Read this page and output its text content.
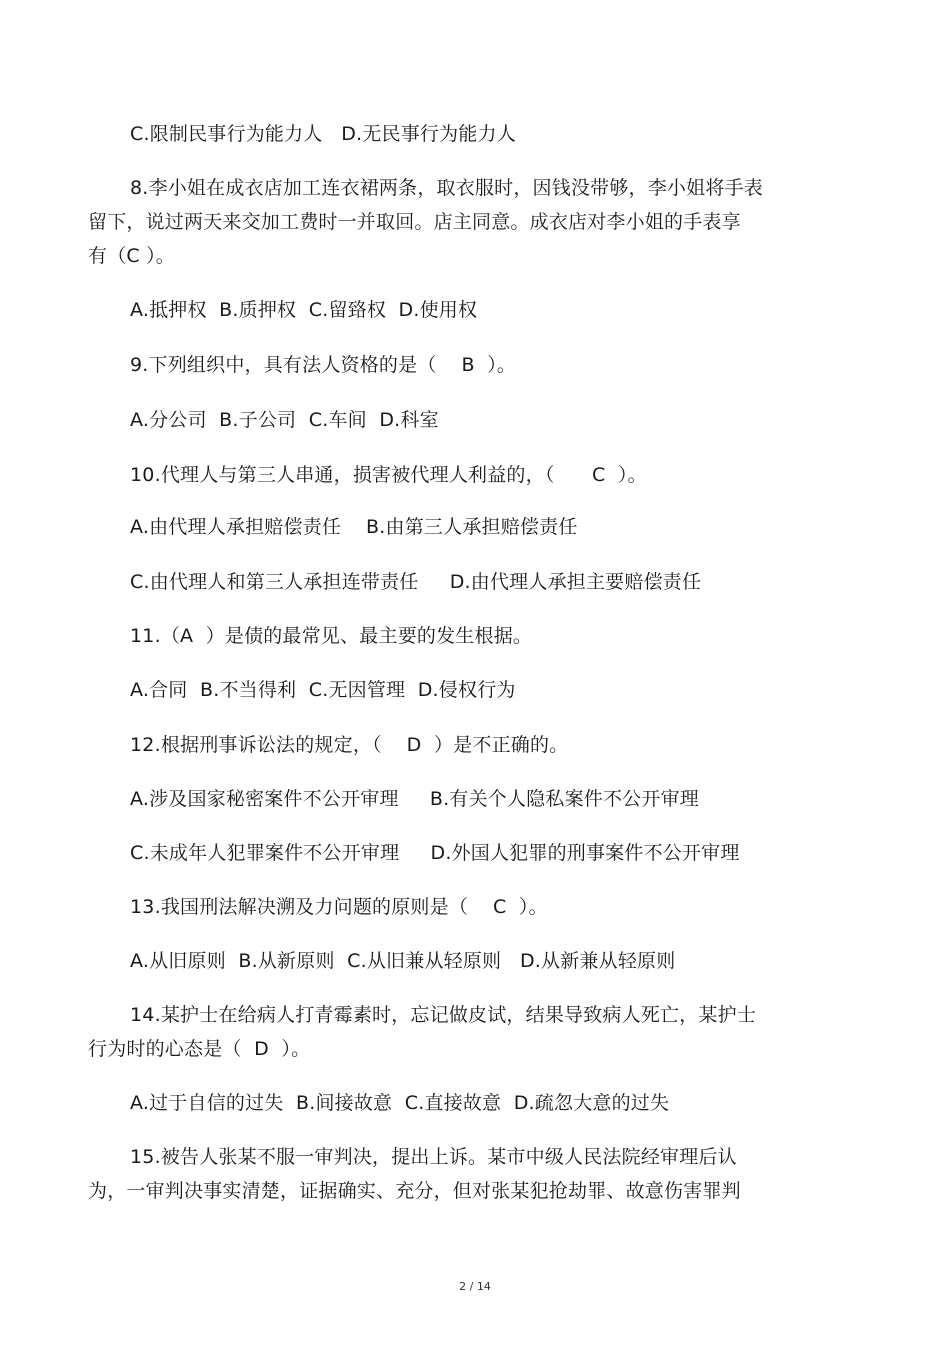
C.限制民事行为能力人   D.无民事行为能力人
8.李小姐在成衣店加工连衣裙两条，取衣服时，因钱没带够，李小姐将手表
留下，说过两天来交加工费时一并取回。店主同意。成衣店对李小姐的手表享
有（C ）。
A.抵押权  B.质押权  C.留臵权  D.使用权
9.下列组织中，具有法人资格的是（    B  ）。
A.分公司  B.子公司  C.车间  D.科室
10.代理人与第三人串通，损害被代理人利益的，（      C  ）。
A.由代理人承担赔偿责任    B.由第三人承担赔偿责任
C.由代理人和第三人承担连带责任     D.由代理人承担主要赔偿责任
11.（A  ）是债的最常见、最主要的发生根据。
A.合同  B.不当得利  C.无因管理  D.侵权行为
12.根据刑事诉讼法的规定，（    D  ）是不正确的。
A.涉及国家秘密案件不公开审理     B.有关个人隐私案件不公开审理
C.未成年人犯罪案件不公开审理     D.外国人犯罪的刑事案件不公开审理
13.我国刑法解决溯及力问题的原则是（    C  ）。
A.从旧原则  B.从新原则  C.从旧兼从轻原则   D.从新兼从轻原则
14.某护士在给病人打青霉素时，忘记做皮试，结果导致病人死亡，某护士
行为时的心态是（  D  ）。
A.过于自信的过失  B.间接故意  C.直接故意  D.疏忽大意的过失
15.被告人张某不服一审判决，提出上诉。某市中级人民法院经审理后认
为，一审判决事实清楚，证据确实、充分，但对张某犯抢劫罪、故意伤害罪判
2 / 14
